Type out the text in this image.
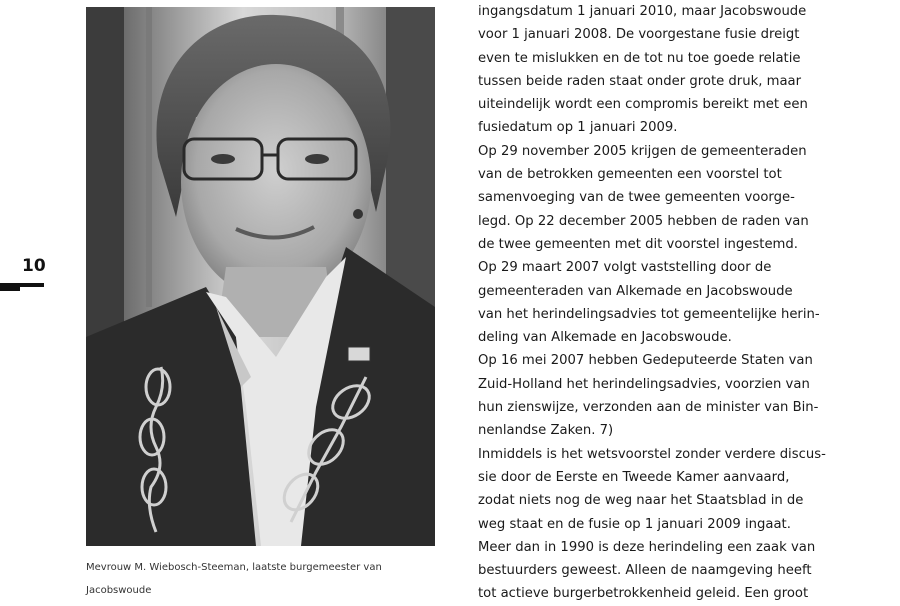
10
Mevrouw M. Wiebosch-Steeman, laatste burgemeester van
Jacobswoude
ingangsdatum 1 januari 2010, maar Jacobswoude
voor 1 januari 2008. De voorgestane fusie dreigt
even te mislukken en de tot nu toe goede relatie
tussen beide raden staat onder grote druk, maar
uiteindelijk wordt een compromis bereikt met een
fusiedatum op 1 januari 2009.
Op 29 november 2005 krijgen de gemeenteraden
van de betrokken gemeenten een voorstel tot
samenvoeging van de twee gemeenten voorge-
legd. Op 22 december 2005 hebben de raden van
de twee gemeenten met dit voorstel ingestemd.
Op 29 maart 2007 volgt vaststelling door de
gemeenteraden van Alkemade en Jacobswoude
van het herindelingsadvies tot gemeentelijke herin-
deling van Alkemade en Jacobswoude.
Op 16 mei 2007 hebben Gedeputeerde Staten van
Zuid-Holland het herindelingsadvies, voorzien van
hun zienswijze, verzonden aan de minister van Bin-
nenlandse Zaken. 7)
Inmiddels is het wetsvoorstel zonder verdere discus-
sie door de Eerste en Tweede Kamer aanvaard,
zodat niets nog de weg naar het Staatsblad in de
weg staat en de fusie op 1 januari 2009 ingaat.
Meer dan in 1990 is deze herindeling een zaak van
bestuurders geweest. Alleen de naamgeving heeft
tot actieve burgerbetrokkenheid geleid. Een groot
